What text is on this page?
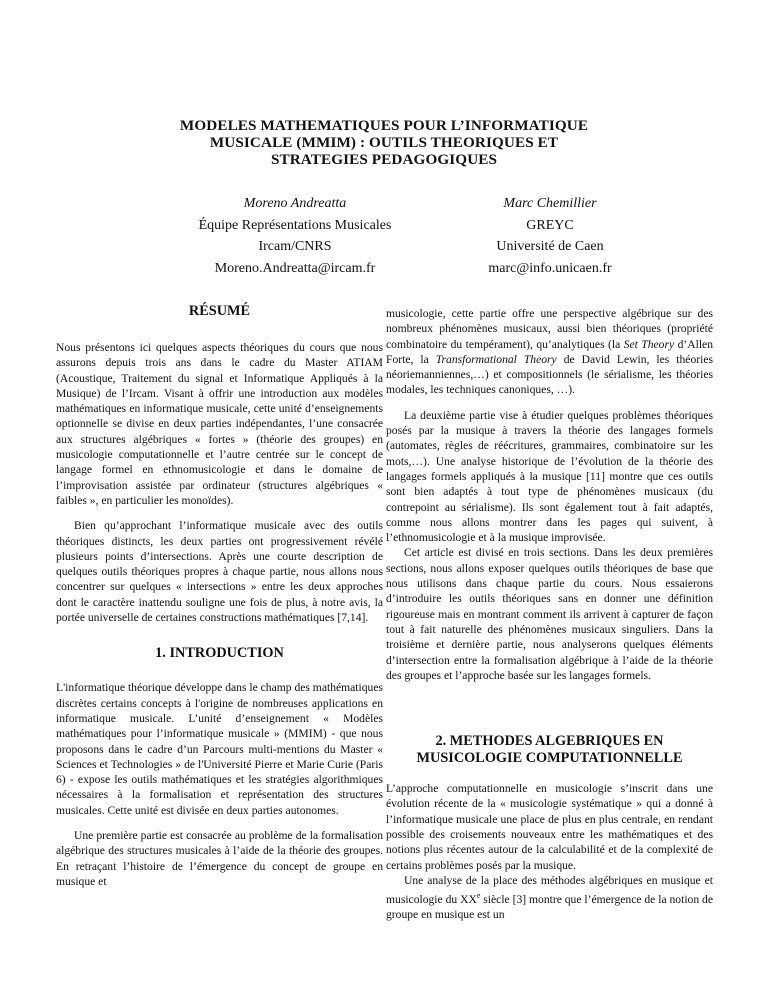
MODELES MATHEMATIQUES POUR L’INFORMATIQUE
MUSICALE (MMIM) : OUTILS THEORIQUES ET
STRATEGIES PEDAGOGIQUES
Moreno Andreatta
Équipe Représentations Musicales
Ircam/CNRS
Moreno.Andreatta@ircam.fr
Marc Chemillier
GREYC
Université de Caen
marc@info.unicaen.fr
RÉSUMÉ

Nous présentons ici quelques aspects théoriques du cours que nous assurons depuis trois ans dans le cadre du Master ATIAM (Acoustique, Traitement du signal et Informatique Appliqués à la Musique) de l’Ircam. Visant à offrir une introduction aux modèles mathématiques en informatique musicale, cette unité d’enseignements optionnelle se divise en deux parties indépendantes, l’une consacrée aux structures algébriques « fortes » (théorie des groupes) en musicologie computationnelle et l’autre centrée sur le concept de langage formel en ethnomusicologie et dans le domaine de l’improvisation assistée par ordinateur (structures algébriques « faibles », en particulier les monoïdes).

Bien qu’approchant l’informatique musicale avec des outils théoriques distincts, les deux parties ont progressivement révélé plusieurs points d’intersections. Après une courte description de quelques outils théoriques propres à chaque partie, nous allons nous concentrer sur quelques « intersections » entre les deux approches dont le caractère inattendu souligne une fois de plus, à notre avis, la portée universelle de certaines constructions mathématiques [7,14].

1. INTRODUCTION

L'informatique théorique développe dans le champ des mathématiques discrètes certains concepts à l'origine de nombreuses applications en informatique musicale. L’unité d’enseignement « Modèles mathématiques pour l’informatique musicale » (MMIM) - que nous proposons dans le cadre d’un Parcours multi-mentions du Master « Sciences et Technologies » de l'Université Pierre et Marie Curie (Paris 6) - expose les outils mathématiques et les stratégies algorithmiques nécessaires à la formalisation et représentation des structures musicales. Cette unité est divisée en deux parties autonomes.

Une première partie est consacrée au problème de la formalisation algébrique des structures musicales à l’aide de la théorie des groupes. En retraçant l’histoire de l’émergence du concept de groupe en musique et

musicologie, cette partie offre une perspective algébrique sur des nombreux phénomènes musicaux, aussi bien théoriques (propriété combinatoire du tempérament), qu’analytiques (la Set Theory d’Allen Forte, la Transformational Theory de David Lewin, les théories néoriemanniennes,…) et compositionnels (le sérialisme, les théories modales, les techniques canoniques, …).

La deuxième partie vise à étudier quelques problèmes théoriques posés par la musique à travers la théorie des langages formels (automates, règles de réécritures, grammaires, combinatoire sur les mots,…). Une analyse historique de l’évolution de la théorie des langages formels appliqués à la musique [11] montre que ces outils sont bien adaptés à tout type de phénomènes musicaux (du contrepoint au sérialisme). Ils sont également tout à fait adaptés, comme nous allons montrer dans les pages qui suivent, à l’ethnomusicologie et à la musique improvisée.

Cet article est divisé en trois sections. Dans les deux premières sections, nous allons exposer quelques outils théoriques de base que nous utilisons dans chaque partie du cours. Nous essaierons d’introduire les outils théoriques sans en donner une définition rigoureuse mais en montrant comment ils arrivent à capturer de façon tout à fait naturelle des phénomènes musicaux singuliers. Dans la troisième et dernière partie, nous analyserons quelques éléments d’intersection entre la formalisation algébrique à l’aide de la théorie des groupes et l’approche basée sur les langages formels.

2. METHODES ALGEBRIQUES EN
MUSICOLOGIE COMPUTATIONNELLE

L’approche computationnelle en musicologie s’inscrit dans une évolution récente de la « musicologie systématique » qui a donné à l’informatique musicale une place de plus en plus centrale, en rendant possible des croisements nouveaux entre les mathématiques et des notions plus récentes autour de la calculabilité et de la complexité de certains problèmes posés par la musique.

Une analyse de la place des méthodes algébriques en musique et musicologie du XXe siècle [3] montre que l’émergence de la notion de groupe en musique est un
